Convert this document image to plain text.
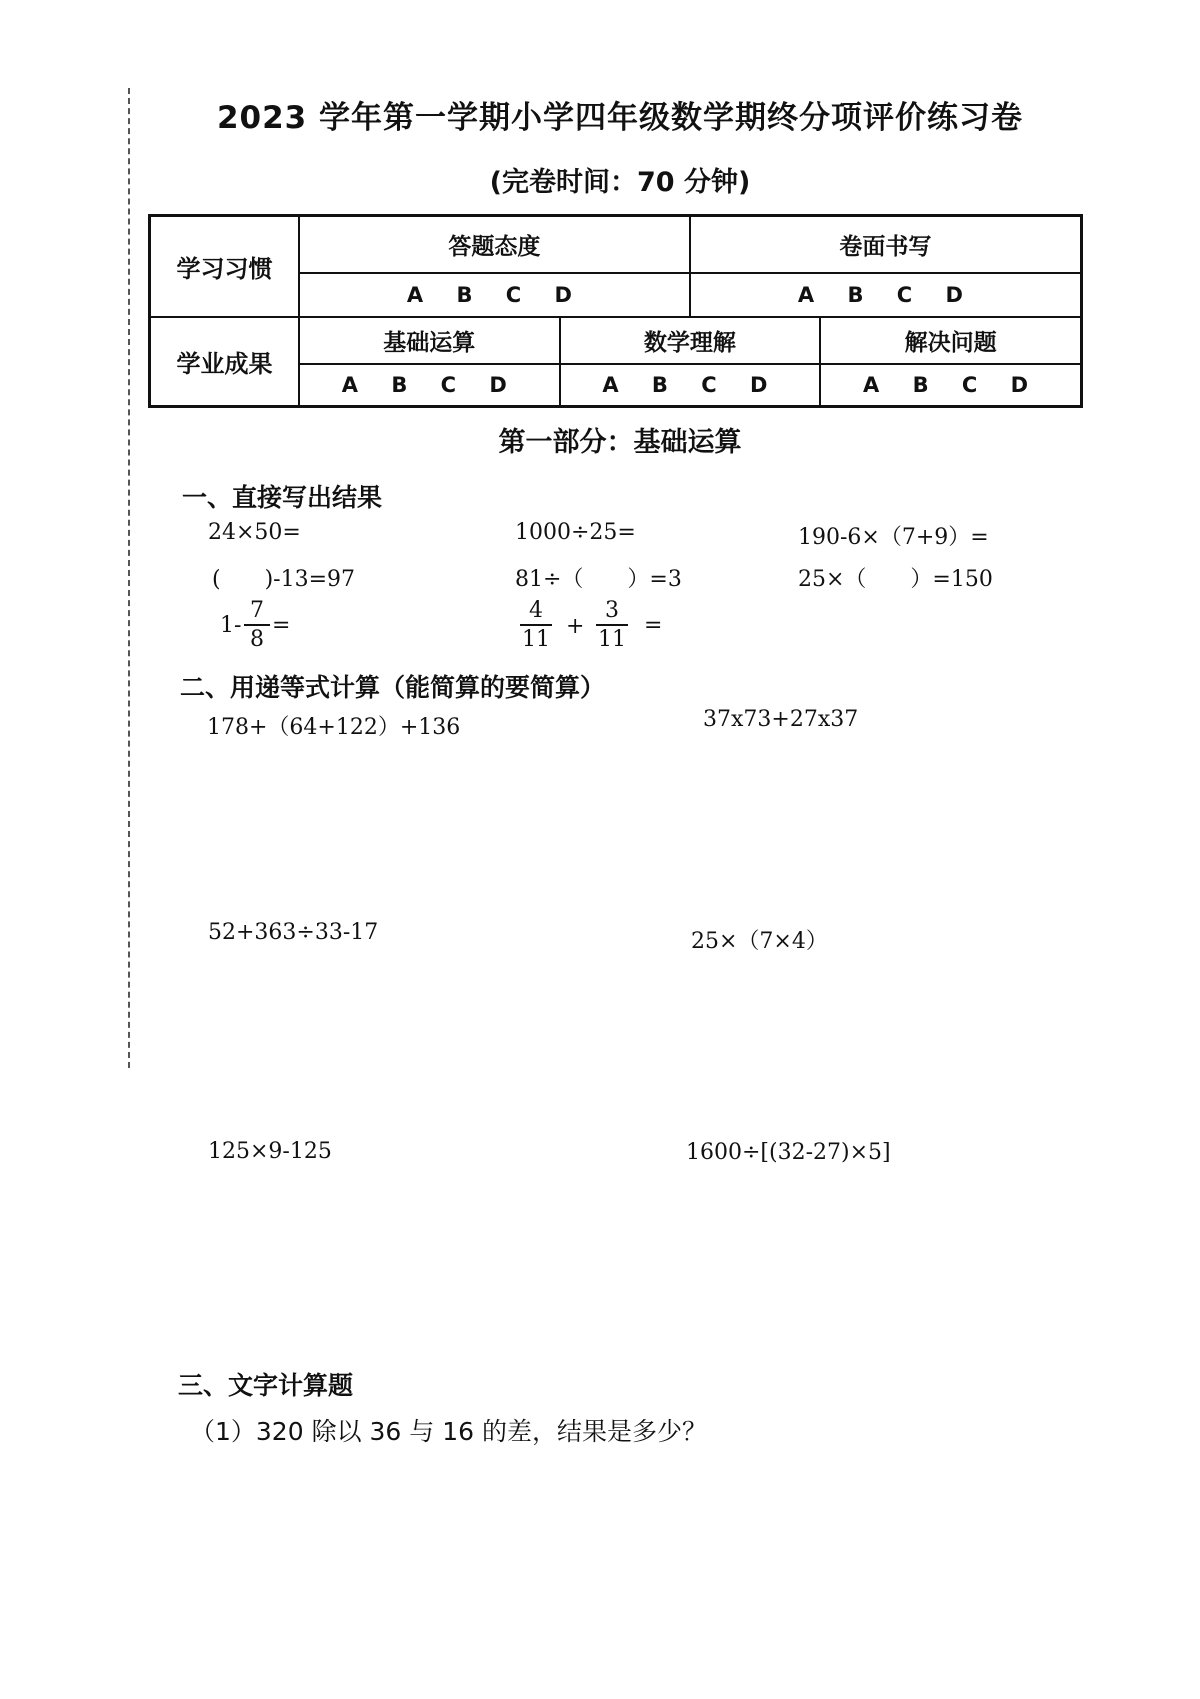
2023 学年第一学期小学四年级数学期终分项评价练习卷
(完卷时间：70 分钟)
学习习惯	答题态度		卷面书写	
	A B C D		A B C D	
学业成果	基础运算	数学理解		解决问题
	A B C D	A B C D		A B C D
第一部分：基础运算
一、直接写出结果
24×50=	1000÷25=	190-6×（7+9）=
(　　)-13=97	81÷（　　）=3	25×（　　）=150
1-
7
8
=
4
11
+
3
11
=
二、用递等式计算（能简算的要简算）
178+（64+122）+136	37x73+27x37
52+363÷33-17	25×（7×4）
125×9-125	1600÷[(32-27)×5]
三、文字计算题
（1）320 除以 36 与 16 的差，结果是多少？
